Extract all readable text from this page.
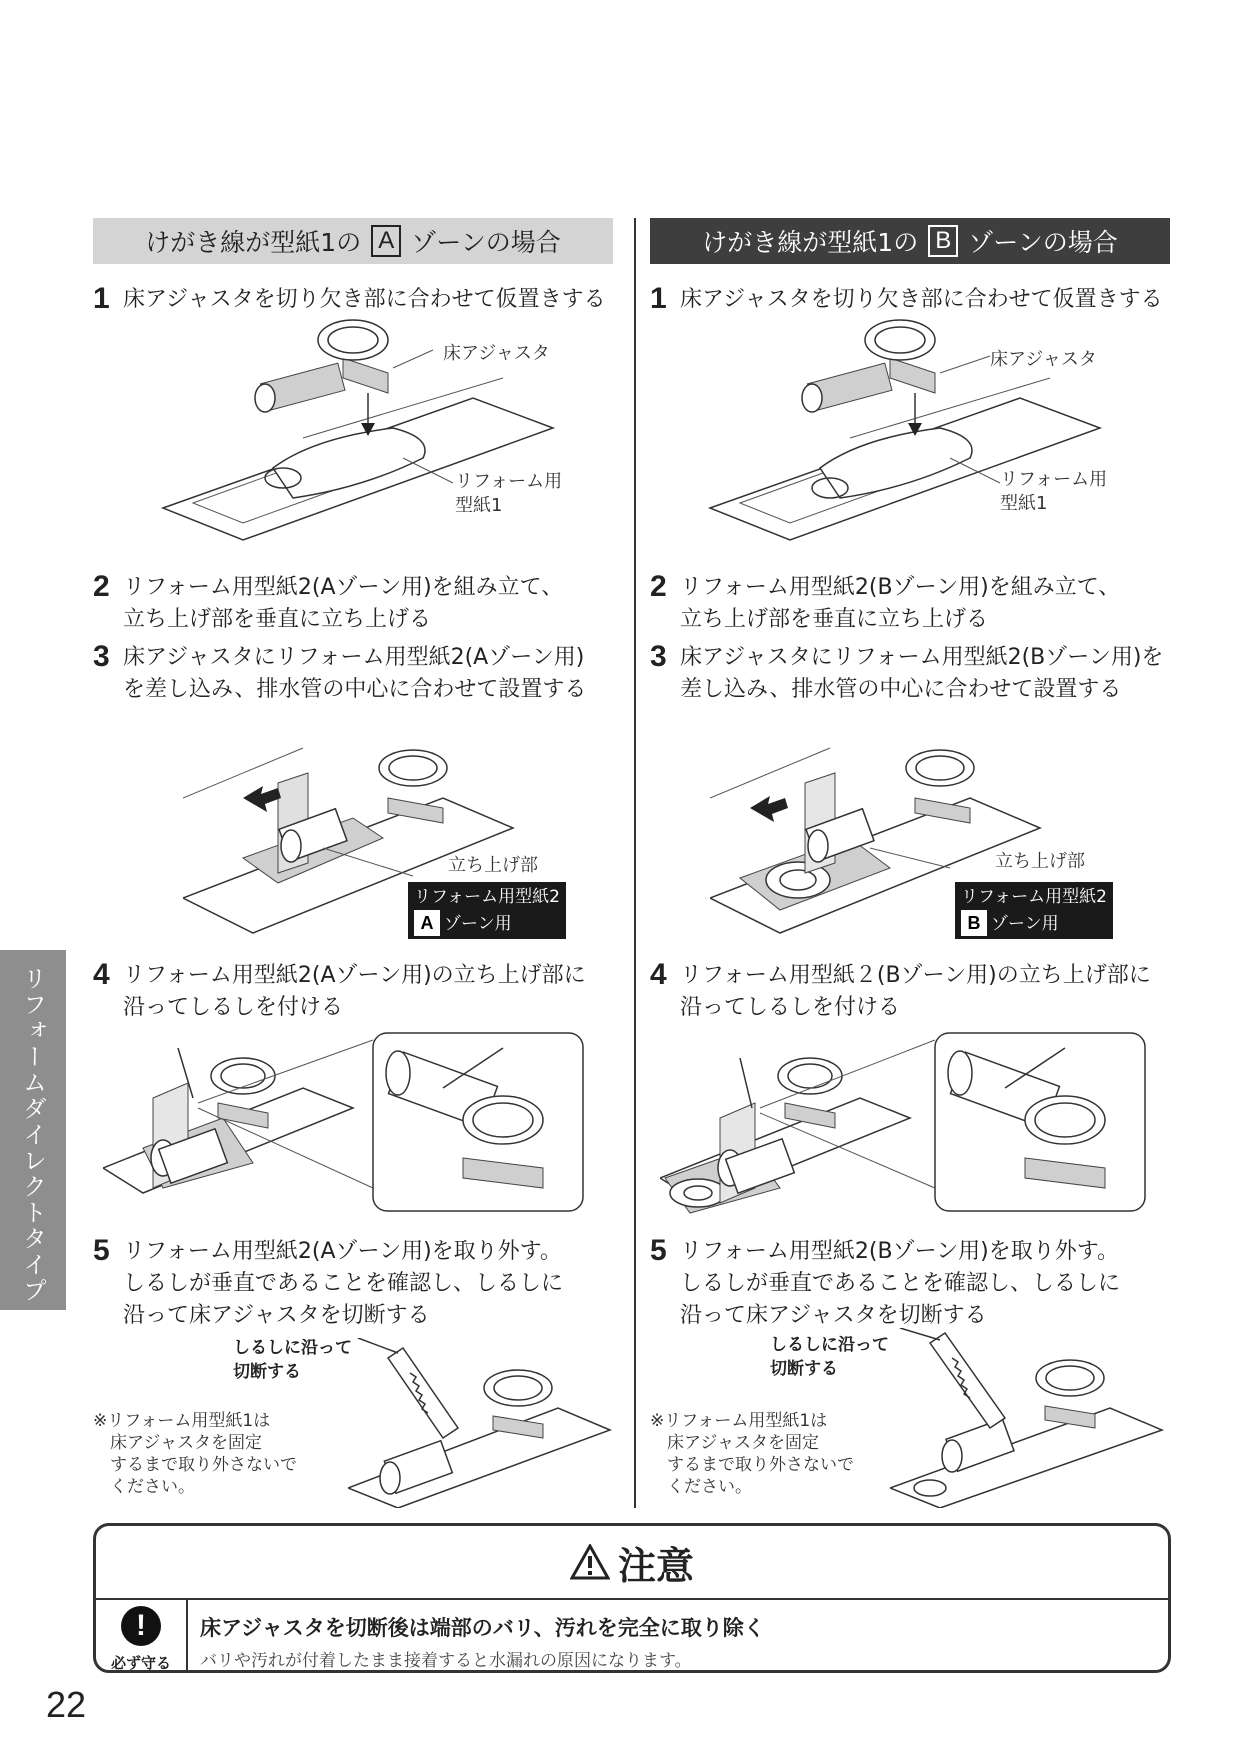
けがき線が型紙1の A ゾーンの場合
1 床アジャスタを切り欠き部に合わせて仮置きする
床アジャスタ
リフォーム用
型紙1
2 リフォーム用型紙2(Aゾーン用)を組み立て、
立ち上げ部を垂直に立ち上げる
3 床アジャスタにリフォーム用型紙2(Aゾーン用)
を差し込み、排水管の中心に合わせて設置する
立ち上げ部
リフォーム用型紙2
A ゾーン用
4 リフォーム用型紙2(Aゾーン用)の立ち上げ部に
沿ってしるしを付ける
5 リフォーム用型紙2(Aゾーン用)を取り外す。
しるしが垂直であることを確認し、しるしに
沿って床アジャスタを切断する
しるしに沿って
切断する
※リフォーム用型紙1は
　床アジャスタを固定
　するまで取り外さないで
　ください。
けがき線が型紙1の B ゾーンの場合
1 床アジャスタを切り欠き部に合わせて仮置きする
床アジャスタ
リフォーム用
型紙1
2 リフォーム用型紙2(Bゾーン用)を組み立て、
立ち上げ部を垂直に立ち上げる
3 床アジャスタにリフォーム用型紙2(Bゾーン用)を
差し込み、排水管の中心に合わせて設置する
立ち上げ部
リフォーム用型紙2
B ゾーン用
4 リフォーム用型紙２(Bゾーン用)の立ち上げ部に
沿ってしるしを付ける
5 リフォーム用型紙2(Bゾーン用)を取り外す。
しるしが垂直であることを確認し、しるしに
沿って床アジャスタを切断する
しるしに沿って
切断する
※リフォーム用型紙1は
　床アジャスタを固定
　するまで取り外さないで
　ください。
リフォームダイレクトタイプ
注意
!
必ず守る
床アジャスタを切断後は端部のバリ、汚れを完全に取り除く
バリや汚れが付着したまま接着すると水漏れの原因になります。
22
